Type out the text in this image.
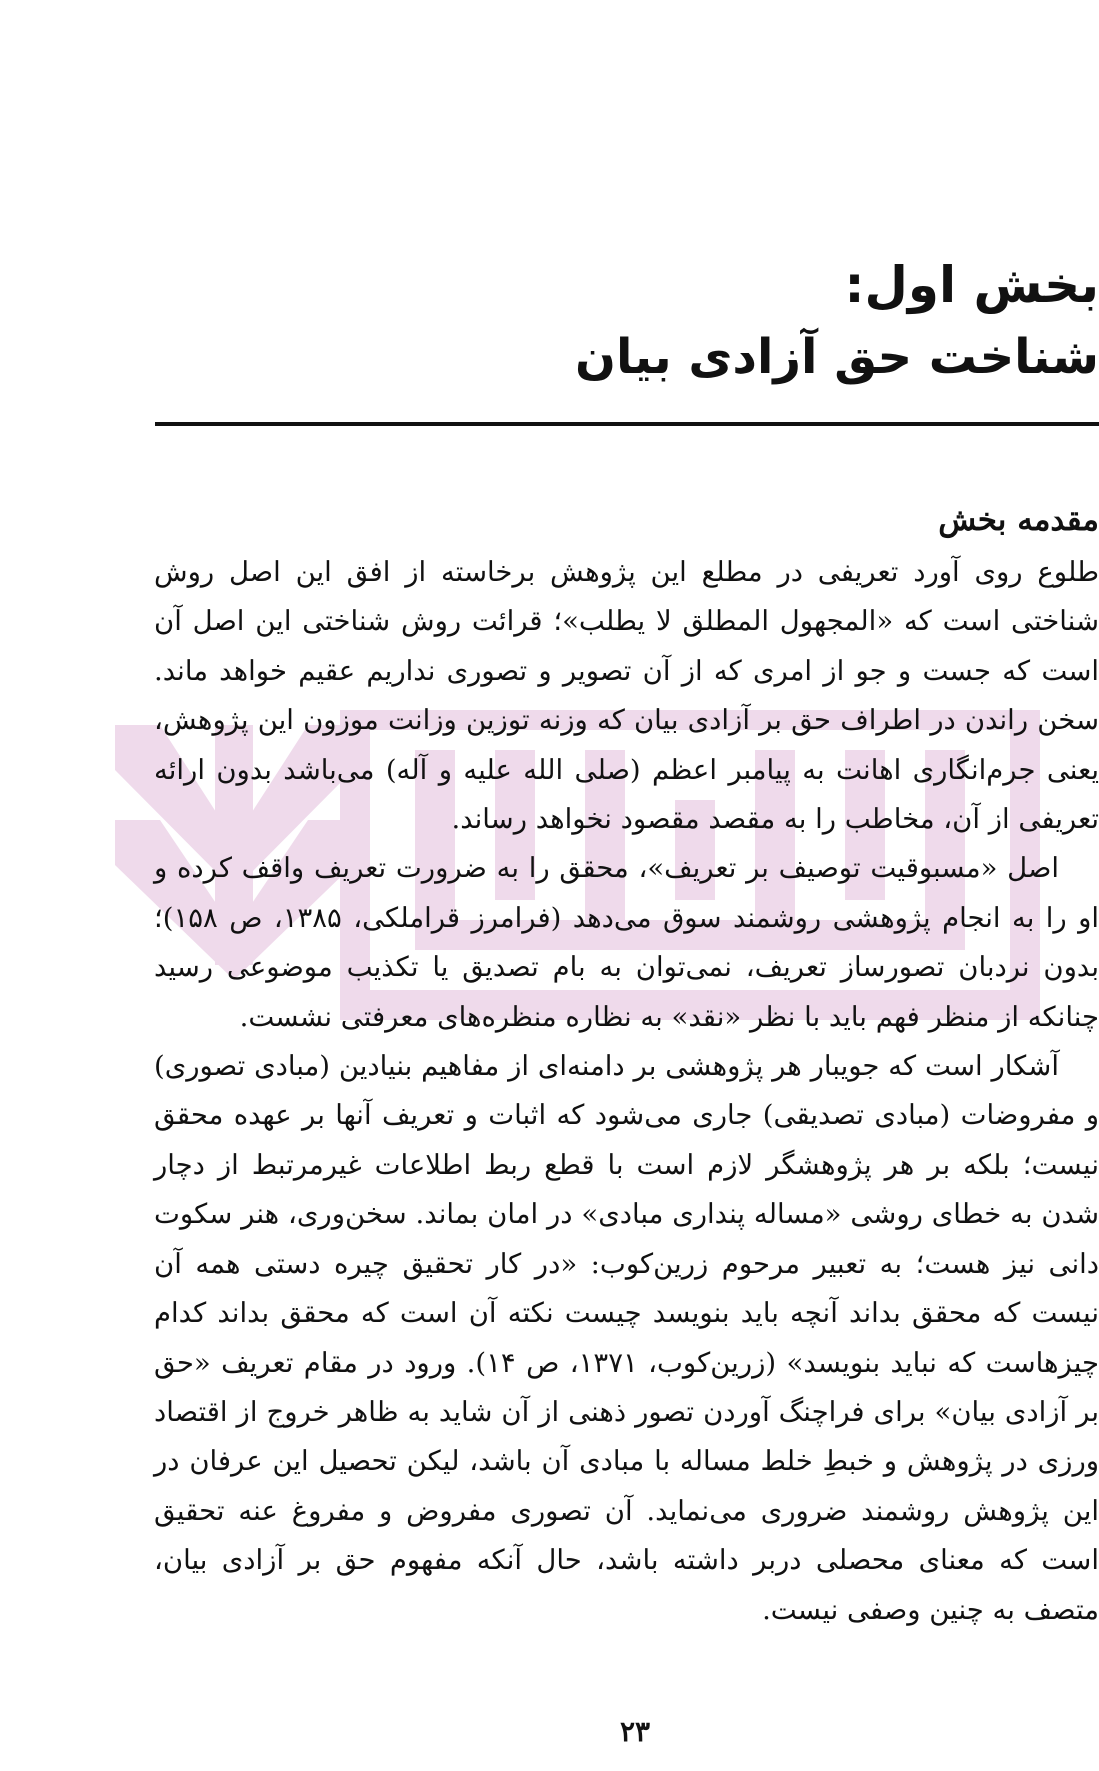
بخش اول:
شناخت حق آزادی بیان
مقدمه بخش

طلوع روی آورد تعریفی در مطلع این پژوهش برخاسته از افق این اصل روش شناختی است که «المجهول المطلق لا یطلب»؛ قرائت روش شناختی این اصل آن است که جست و جو از امری که از آن تصویر و تصوری نداریم عقیم خواهد ماند. سخن راندن در اطراف حق بر آزادی بیان که وزنه توزین وزانت موزون این پژوهش، یعنی جرم‌انگاری اهانت به پیامبر اعظم (صلی الله علیه و آله) می‌باشد بدون ارائه تعریفی از آن، مخاطب را به مقصد مقصود نخواهد رساند.

اصل «مسبوقیت توصیف بر تعریف»، محقق را به ضرورت تعریف واقف کرده و او را به انجام پژوهشی روشمند سوق می‌دهد (فرامرز قراملکی، ۱۳۸۵، ص ۱۵۸)؛ بدون نردبان تصورساز تعریف، نمی‌توان به بام تصدیق یا تکذیب موضوعی رسید چنانکه از منظر فهم باید با نظر «نقد» به نظاره منظره‌های معرفتی نشست.

آشکار است که جویبار هر پژوهشی بر دامنه‌ای از مفاهیم بنیادین (مبادی تصوری) و مفروضات (مبادی تصدیقی) جاری می‌شود که اثبات و تعریف آنها بر عهده محقق نیست؛ بلکه بر هر پژوهشگر لازم است با قطع ربط اطلاعات غیرمرتبط از دچار شدن به خطای روشی «مساله پنداری مبادی» در امان بماند. سخن‌وری، هنر سکوت دانی نیز هست؛ به تعبیر مرحوم زرین‌کوب: «در کار تحقیق چیره دستی همه آن نیست که محقق بداند آنچه باید بنویسد چیست نکته آن است که محقق بداند کدام چیزهاست که نباید بنویسد» (زرین‌کوب، ۱۳۷۱، ص ۱۴). ورود در مقام تعریف «حق بر آزادی بیان» برای فراچنگ آوردن تصور ذهنی از آن شاید به ظاهر خروج از اقتصاد ورزی در پژوهش و خبطِ خلط مساله با مبادی آن باشد، لیکن تحصیل این عرفان در این پژوهش روشمند ضروری می‌نماید. آن تصوری مفروض و مفروغ عنه تحقیق است که معنای محصلی دربر داشته باشد، حال آنکه مفهوم حق بر آزادی بیان، متصف به چنین وصفی نیست.

۲۳
